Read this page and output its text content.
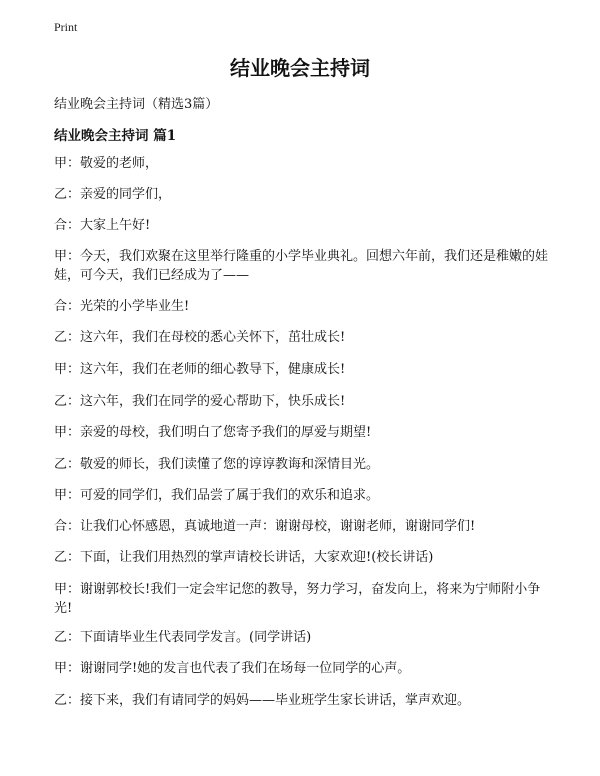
Print
结业晚会主持词
结业晚会主持词（精选3篇）
结业晚会主持词 篇1
甲：敬爱的老师，
乙：亲爱的同学们，
合：大家上午好!
甲：今天，我们欢聚在这里举行隆重的小学毕业典礼。回想六年前，我们还是稚嫩的娃娃，可今天，我们已经成为了——
合：光荣的小学毕业生!
乙：这六年，我们在母校的悉心关怀下，茁壮成长!
甲：这六年，我们在老师的细心教导下，健康成长!
乙：这六年，我们在同学的爱心帮助下，快乐成长!
甲：亲爱的母校，我们明白了您寄予我们的厚爱与期望!
乙：敬爱的师长，我们读懂了您的谆谆教诲和深情目光。
甲：可爱的同学们，我们品尝了属于我们的欢乐和追求。
合：让我们心怀感恩，真诚地道一声：谢谢母校，谢谢老师，谢谢同学们!
乙：下面，让我们用热烈的掌声请校长讲话，大家欢迎!(校长讲话)
甲：谢谢郭校长!我们一定会牢记您的教导，努力学习，奋发向上，将来为宁师附小争光!
乙：下面请毕业生代表同学发言。(同学讲话)
甲：谢谢同学!她的发言也代表了我们在场每一位同学的心声。
乙：接下来，我们有请同学的妈妈——毕业班学生家长讲话，掌声欢迎。
